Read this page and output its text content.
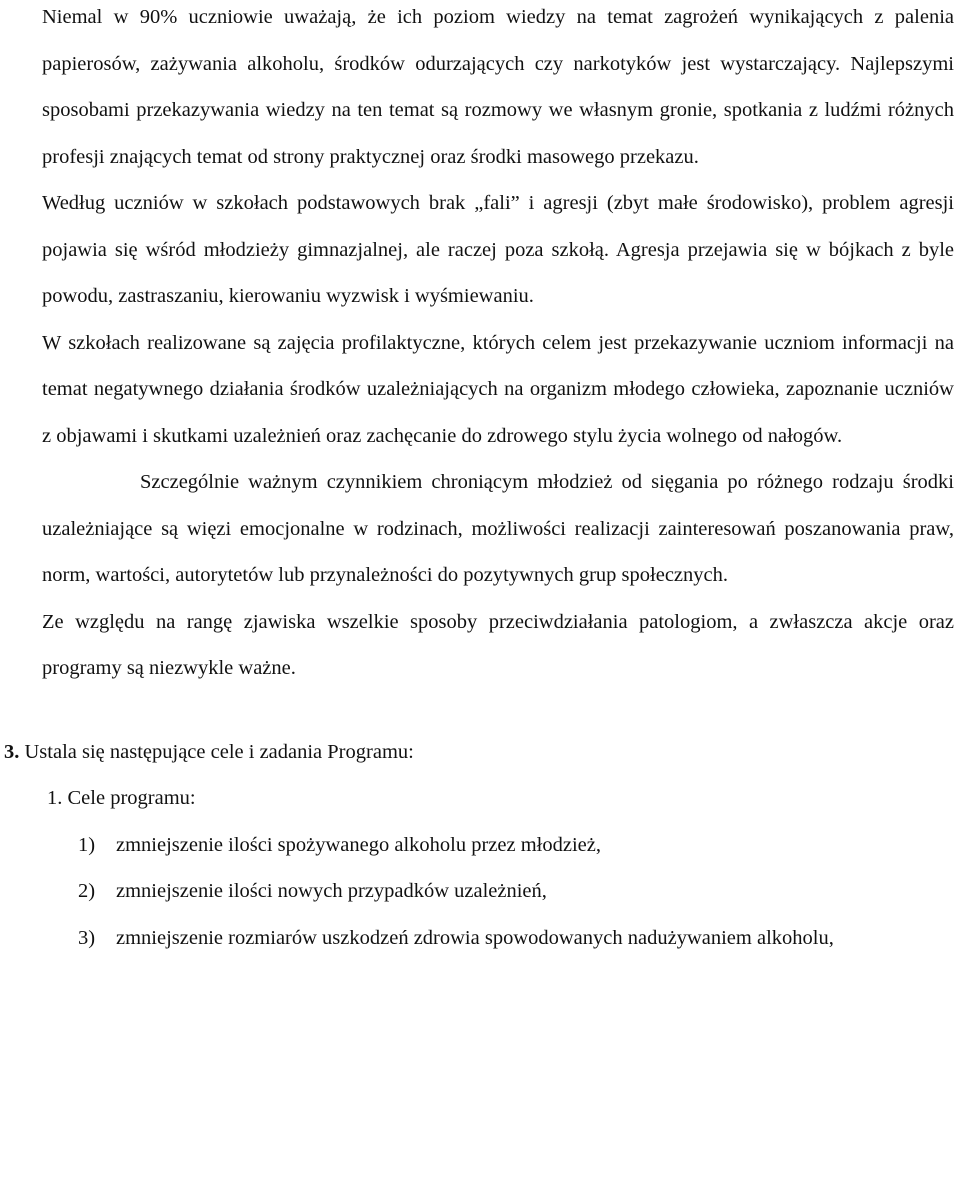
Niemal w 90% uczniowie uważają, że ich poziom wiedzy na temat zagrożeń wynikających z palenia papierosów, zażywania alkoholu, środków odurzających czy narkotyków jest wystarczający. Najlepszymi sposobami przekazywania wiedzy na ten temat są rozmowy we własnym gronie, spotkania z ludźmi różnych profesji znających temat od strony praktycznej oraz środki masowego przekazu.

Według uczniów w szkołach podstawowych brak „fali” i agresji (zbyt małe środowisko), problem agresji pojawia się wśród młodzieży gimnazjalnej, ale raczej poza szkołą. Agresja przejawia się w bójkach z byle powodu, zastraszaniu, kierowaniu wyzwisk i wyśmiewaniu.

W szkołach realizowane są zajęcia profilaktyczne, których celem jest przekazywanie uczniom informacji na temat negatywnego działania środków uzależniających na organizm młodego człowieka, zapoznanie uczniów z objawami i skutkami uzależnień oraz zachęcanie do zdrowego stylu życia wolnego od nałogów.

Szczególnie ważnym czynnikiem chroniącym młodzież od sięgania po różnego rodzaju środki uzależniające są więzi emocjonalne w rodzinach, możliwości realizacji zainteresowań poszanowania praw, norm, wartości, autorytetów lub przynależności do pozytywnych grup społecznych.

Ze względu na rangę zjawiska wszelkie sposoby przeciwdziałania patologiom, a zwłaszcza akcje oraz programy są niezwykle ważne.

3. Ustala się następujące cele i zadania Programu:
1. Cele programu:
1) zmniejszenie ilości spożywanego alkoholu przez młodzież,
2) zmniejszenie ilości nowych przypadków uzależnień,
3) zmniejszenie rozmiarów uszkodzeń zdrowia spowodowanych nadużywaniem alkoholu,
